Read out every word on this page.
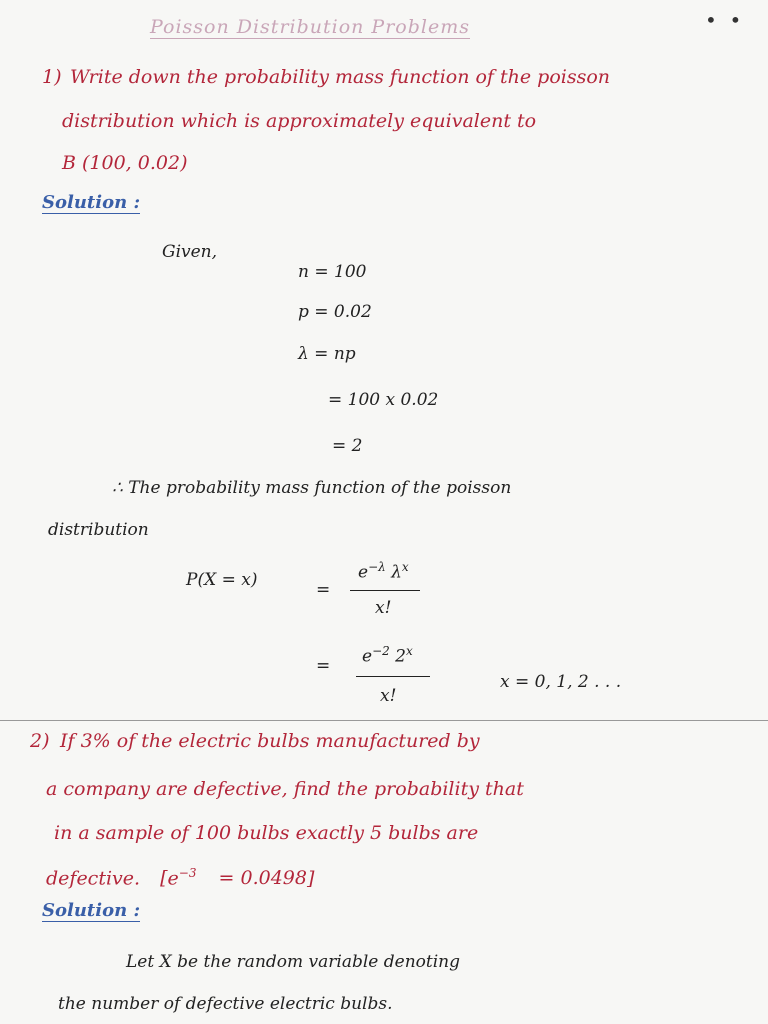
•  •
Poisson Distribution Problems
1) Write down the probability mass function of the poisson
distribution which is approximately equivalent to
B (100, 0.02)
Solution :
Given,
n = 100
p = 0.02
λ = np
= 100 x 0.02
= 2
∴ The probability mass function of the poisson
distribution
P(X = x)	=
$e^{-\lambda}$ $\lambda^x$
x!
= $e^{-2}$ 2$^x$
x!
x = 0, 1, 2 . . .
2) If 3% of the electric bulbs manufactured by
a company are defective, find the probability that
in a sample of 100 bulbs exactly 5 bulbs are
defective. $[e^{-3} = 0.0498]$
Solution :
Let X be the random variable denoting
the number of defective electric bulbs.
